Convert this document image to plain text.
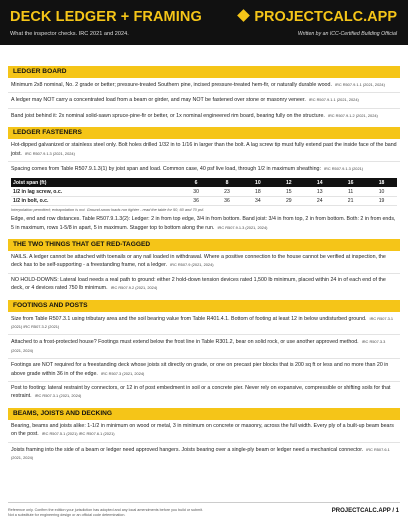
DECK LEDGER + FRAMING	PROJECTCALC.APP
What the inspector checks. IRC 2021 and 2024.	Written by an ICC-Certified Building Official
LEDGER BOARD
Minimum 2x8 nominal, No. 2 grade or better; pressure-treated Southern pine, incised pressure-treated hem-fir, or naturally durable wood. IRC R507.9.1.1 (2021, 2024)
A ledger may NOT carry a concentrated load from a beam or girder, and may NOT be fastened over stone or masonry veneer. IRC R507.9.1.1 (2021, 2024)
Band joist behind it: 2x nominal solid-sawn spruce-pine-fir or better, or 1x nominal engineered rim board, bearing fully on the structure. IRC R507.9.1.2 (2021, 2024)
LEDGER FASTENERS
Hot-dipped galvanized or stainless steel only. Bolt holes drilled 1/32 in to 1/16 in larger than the bolt. A lag screw tip must fully extend past the inside face of the band joist. IRC R507.9.1.3 (2021, 2024)
Spacing comes from Table R507.9.1.3(1) by joist span and load. Common case, 40 psf live load, through 1/2 in maximum sheathing: IRC R507.9.1.3 (2021)
Joist span (ft)	6	8	10	12	14	16	18
1/2 in lag screw, o.c.	30	23	18	15	13	11	10
1/2 in bolt, o.c.	36	36	34	29	24	21	19
Interpolation permitted; extrapolation is not. Ground-snow loads run tighter - read the table for 50, 60 and 70 psf.
Edge, end and row distances. Table R507.9.1.3(2): Ledger: 2 in from top edge, 3/4 in from bottom. Band joist: 3/4 in from top, 2 in from bottom. Both: 2 in from ends, 5 in maximum, rows 1-5/8 in apart, 5 in maximum. Stagger top to bottom along the run. IRC R507.9.1.3 (2021, 2024)
THE TWO THINGS THAT GET RED-TAGGED
NAILS. A ledger cannot be attached with toenails or any nail loaded in withdrawal. Where a positive connection to the house cannot be verified at inspection, the deck has to be self-supporting - a freestanding frame, not a ledger. IRC R507.9 (2021, 2024)
NO HOLD-DOWNS: Lateral load needs a real path to ground: either 2 hold-down tension devices rated 1,500 lb minimum, placed within 24 in of each end of the deck, or 4 devices rated 750 lb minimum. IRC R507.9.2 (2021, 2024)
FOOTINGS AND POSTS
Size from Table R507.3.1 using tributary area and the soil bearing value from Table R401.4.1. Bottom of footing at least 12 in below undisturbed ground. IRC R507.3.1 (2021) IRC R507.3.2 (2021)
Attached to a frost-protected house? Footings must extend below the frost line in Table R301.2, bear on solid rock, or use another approved method. IRC R507.3.3 (2021, 2024)
Footings are NOT required for a freestanding deck whose joists sit directly on grade, or one on precast pier blocks that is 200 sq ft or less and no more than 20 in above grade within 36 in of the edge. IRC R507.3 (2021, 2024)
Post to footing: lateral restraint by connectors, or 12 in of post embedment in soil or a concrete pier. Never rely on expansive, compressible or shifting soils for that restraint. IRC R507.3.1 (2021, 2024)
BEAMS, JOISTS AND DECKING
Bearing, beams and joists alike: 1-1/2 in minimum on wood or metal, 3 in minimum on concrete or masonry, across the full width. Every ply of a built-up beam bears on the post. IRC R507.5.1 (2021) IRC R507.6.1 (2021)
Joists framing into the side of a beam or ledger need approved hangers. Joists bearing over a single-ply beam or ledger need a mechanical connector. IRC R507.6.1 (2021, 2024)
Reference only. Confirm the edition your jurisdiction has adopted and any local amendments before you build or submit.
Not a substitute for engineering design or an official code determination.
PROJECTCALC.APP / 1
